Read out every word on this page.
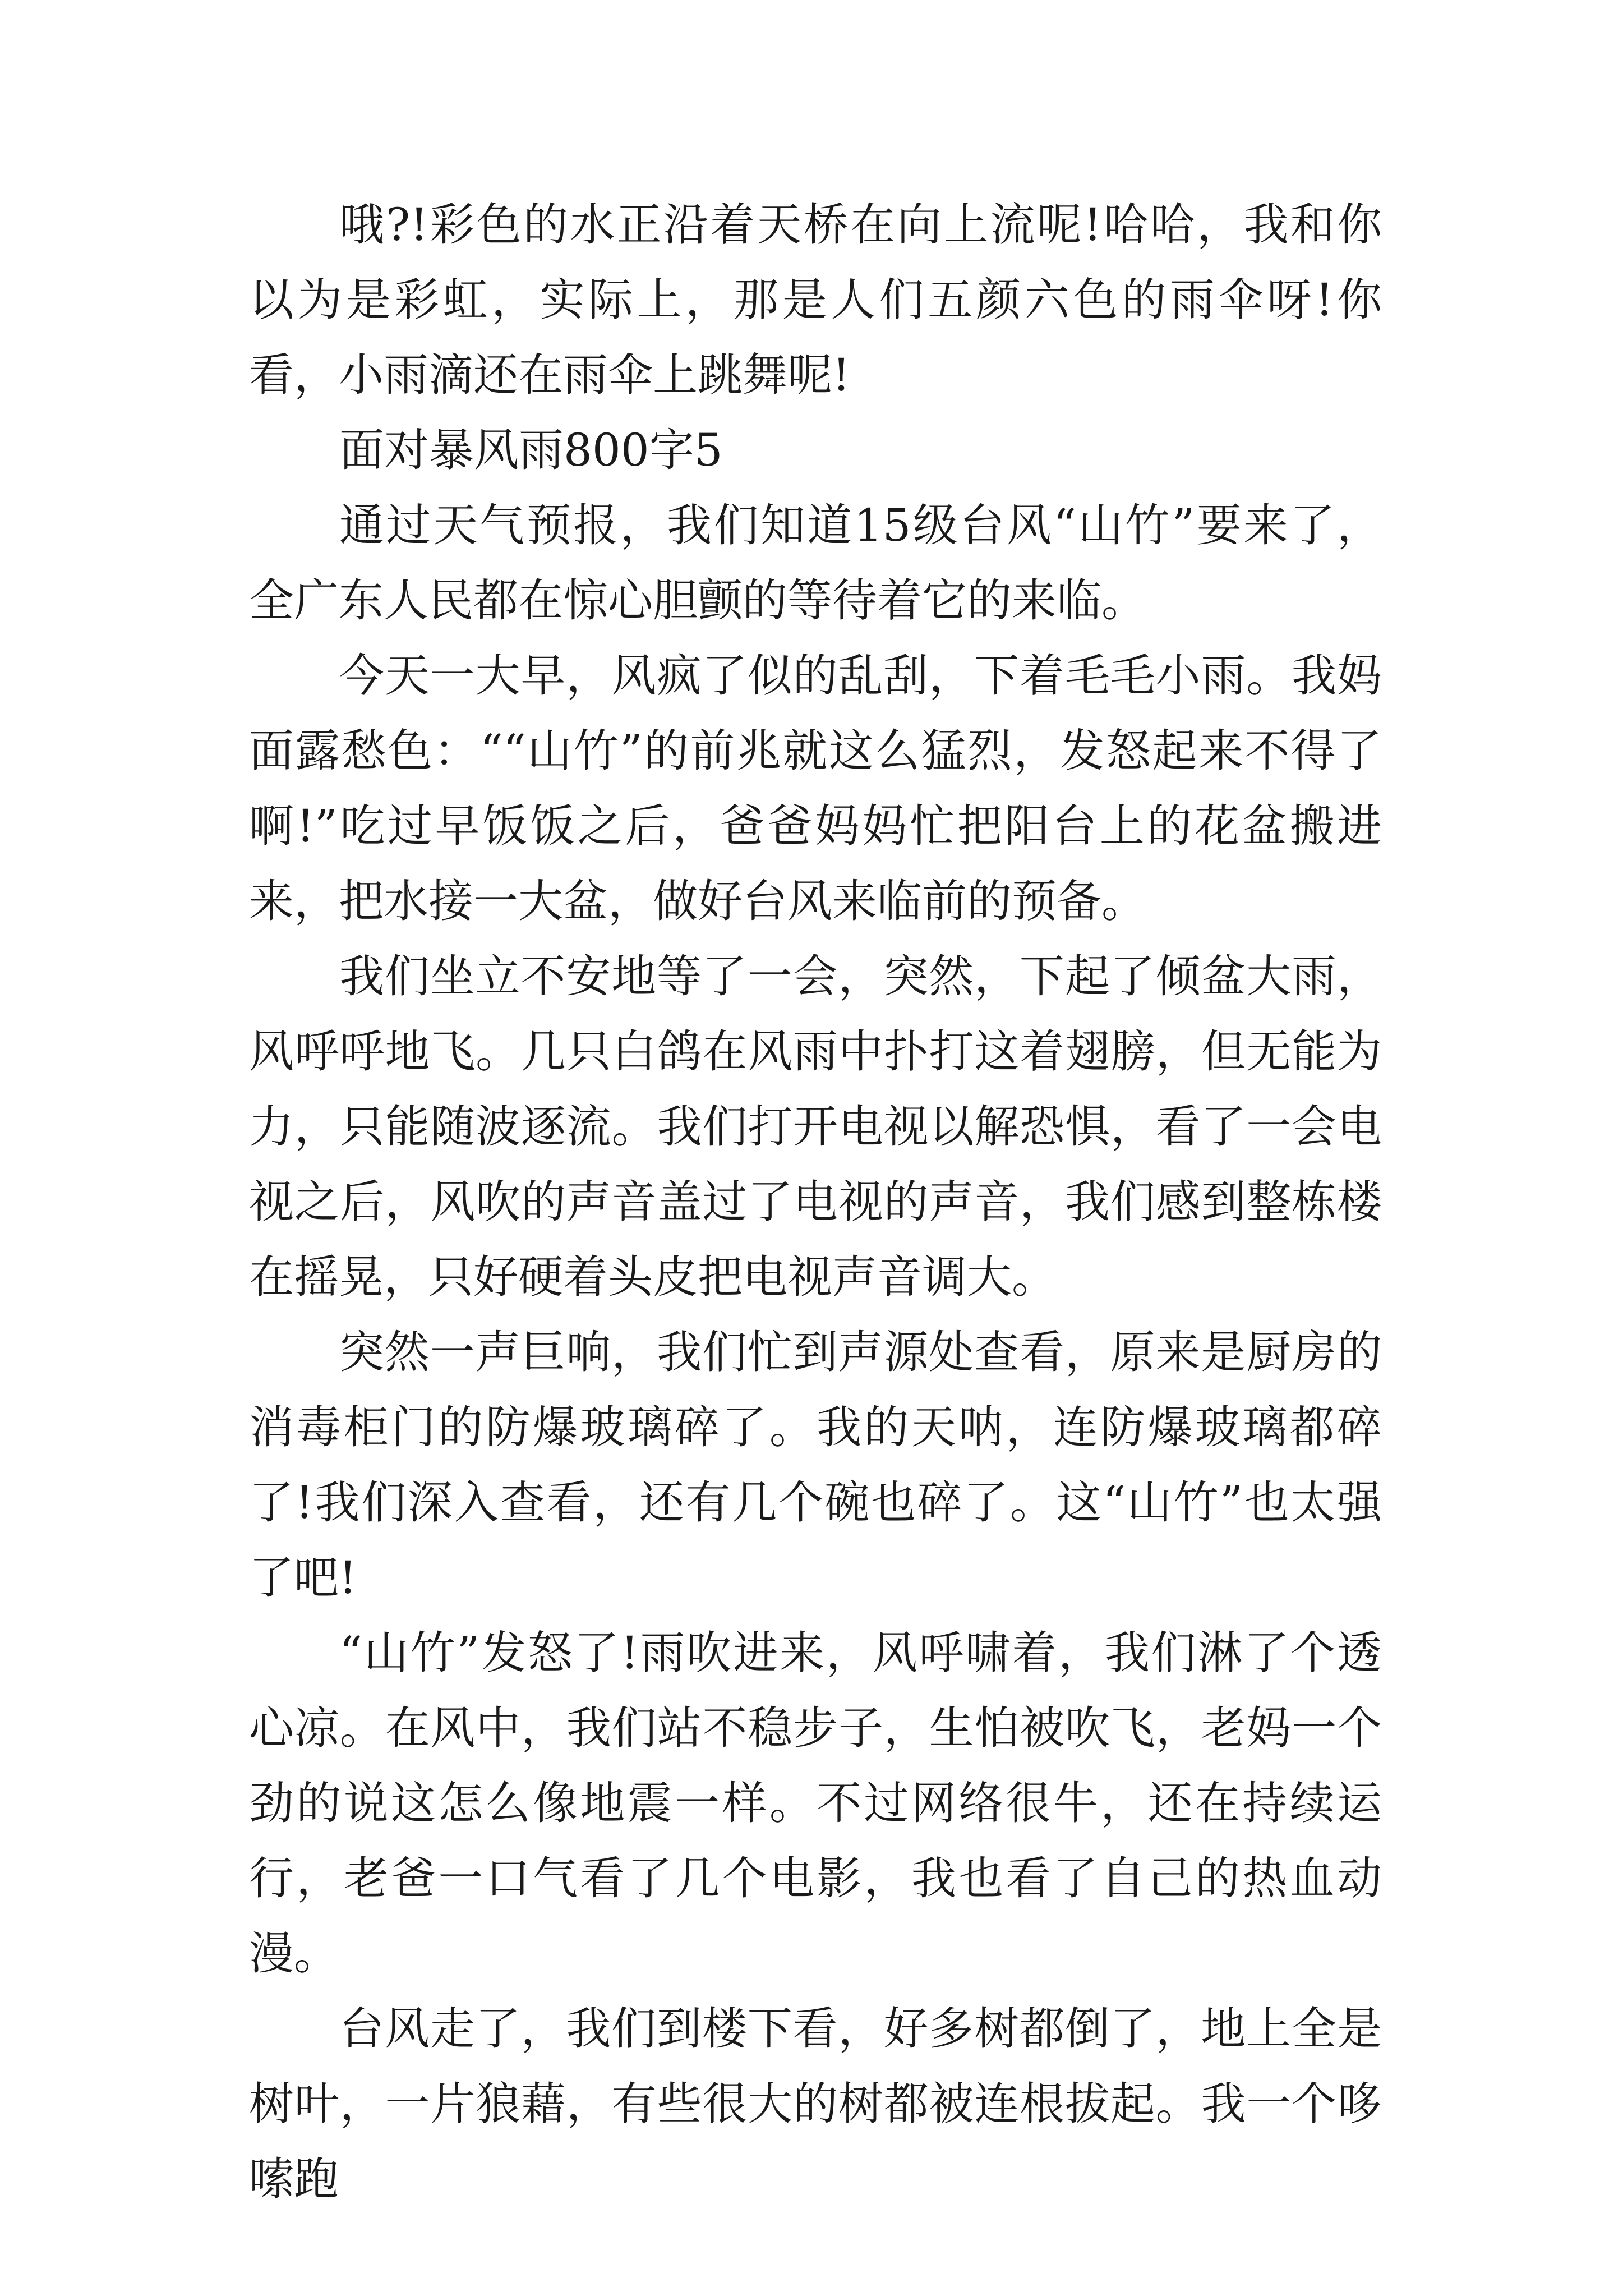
哦?!彩色的水正沿着天桥在向上流呢!哈哈，我和你以为是彩虹，实际上，那是人们五颜六色的雨伞呀!你看，小雨滴还在雨伞上跳舞呢!

面对暴风雨800字5

通过天气预报，我们知道15级台风“山竹”要来了，全广东人民都在惊心胆颤的等待着它的来临。

今天一大早，风疯了似的乱刮，下着毛毛小雨。我妈面露愁色：““山竹”的前兆就这么猛烈，发怒起来不得了啊!”吃过早饭饭之后，爸爸妈妈忙把阳台上的花盆搬进来，把水接一大盆，做好台风来临前的预备。

我们坐立不安地等了一会，突然，下起了倾盆大雨，风呼呼地飞。几只白鸽在风雨中扑打这着翅膀，但无能为力，只能随波逐流。我们打开电视以解恐惧，看了一会电视之后，风吹的声音盖过了电视的声音，我们感到整栋楼在摇晃，只好硬着头皮把电视声音调大。

突然一声巨响，我们忙到声源处查看，原来是厨房的消毒柜门的防爆玻璃碎了。我的天呐，连防爆玻璃都碎了!我们深入查看，还有几个碗也碎了。这“山竹”也太强了吧!

“山竹”发怒了!雨吹进来，风呼啸着，我们淋了个透心凉。在风中，我们站不稳步子，生怕被吹飞，老妈一个劲的说这怎么像地震一样。不过网络很牛，还在持续运行，老爸一口气看了几个电影，我也看了自己的热血动漫。

台风走了，我们到楼下看，好多树都倒了，地上全是树叶，一片狼藉，有些很大的树都被连根拔起。我一个哆嗦跑
